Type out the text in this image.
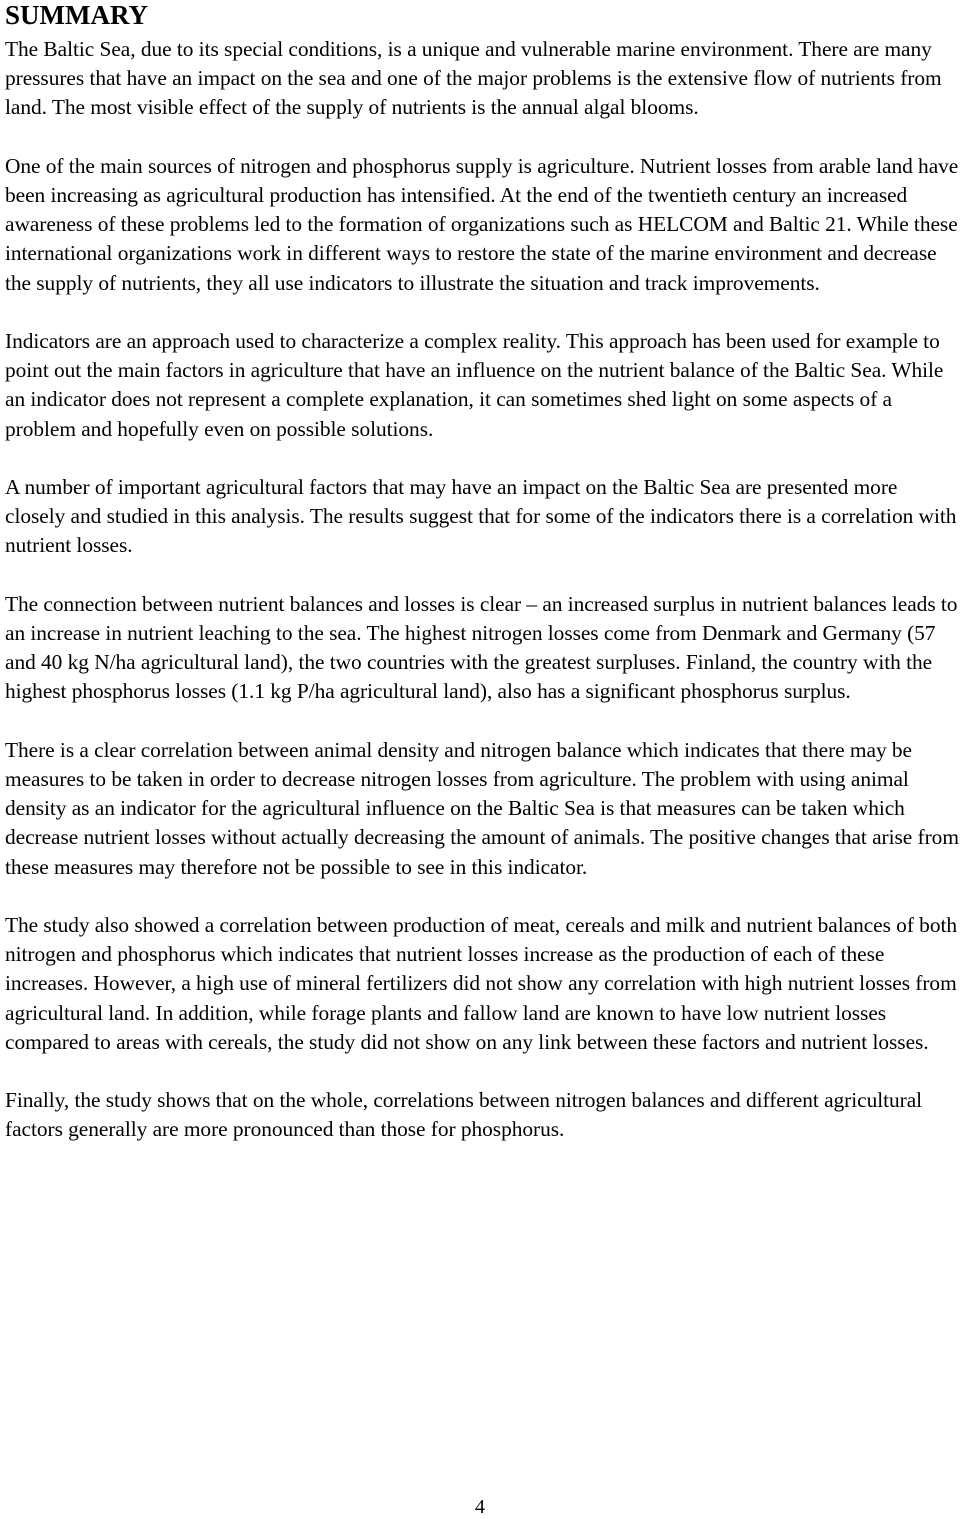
SUMMARY

The Baltic Sea, due to its special conditions, is a unique and vulnerable marine environment. There are many pressures that have an impact on the sea and one of the major problems is the extensive flow of nutrients from land. The most visible effect of the supply of nutrients is the annual algal blooms.

One of the main sources of nitrogen and phosphorus supply is agriculture. Nutrient losses from arable land have been increasing as agricultural production has intensified. At the end of the twentieth century an increased awareness of these problems led to the formation of organizations such as HELCOM and Baltic 21. While these international organizations work in different ways to restore the state of the marine environment and decrease the supply of nutrients, they all use indicators to illustrate the situation and track improvements.

Indicators are an approach used to characterize a complex reality. This approach has been used for example to point out the main factors in agriculture that have an influence on the nutrient balance of the Baltic Sea. While an indicator does not represent a complete explanation, it can sometimes shed light on some aspects of a problem and hopefully even on possible solutions.

A number of important agricultural factors that may have an impact on the Baltic Sea are presented more closely and studied in this analysis. The results suggest that for some of the indicators there is a correlation with nutrient losses.

The connection between nutrient balances and losses is clear – an increased surplus in nutrient balances leads to an increase in nutrient leaching to the sea. The highest nitrogen losses come from Denmark and Germany (57 and 40 kg N/ha agricultural land), the two countries with the greatest surpluses. Finland, the country with the highest phosphorus losses (1.1 kg P/ha agricultural land), also has a significant phosphorus surplus.

There is a clear correlation between animal density and nitrogen balance which indicates that there may be measures to be taken in order to decrease nitrogen losses from agriculture. The problem with using animal density as an indicator for the agricultural influence on the Baltic Sea is that measures can be taken which decrease nutrient losses without actually decreasing the amount of animals. The positive changes that arise from these measures may therefore not be possible to see in this indicator.

The study also showed a correlation between production of meat, cereals and milk and nutrient balances of both nitrogen and phosphorus which indicates that nutrient losses increase as the production of each of these increases. However, a high use of mineral fertilizers did not show any correlation with high nutrient losses from agricultural land. In addition, while forage plants and fallow land are known to have low nutrient losses compared to areas with cereals, the study did not show on any link between these factors and nutrient losses.

Finally, the study shows that on the whole, correlations between nitrogen balances and different agricultural factors generally are more pronounced than those for phosphorus.

4
